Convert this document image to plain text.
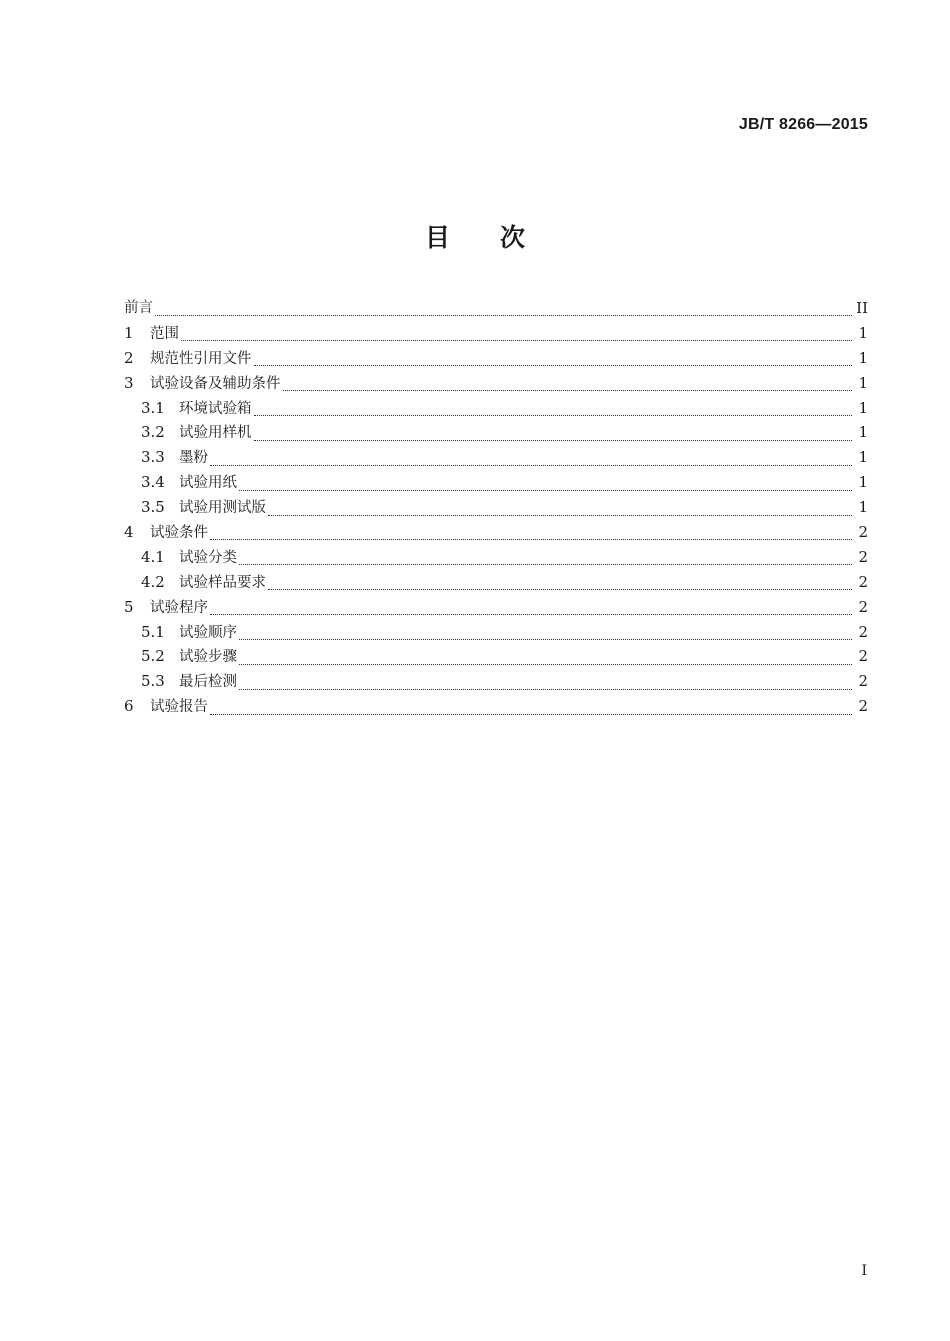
JB/T 8266—2015
目 次
前言	II
1	范围	1
2	规范性引用文件	1
3	试验设备及辅助条件	1
3.1 环境试验箱	1
3.2 试验用样机	1
3.3 墨粉	1
3.4 试验用纸	1
3.5 试验用测试版	1
4	试验条件	2
4.1 试验分类	2
4.2 试验样品要求	2
5	试验程序	2
5.1 试验顺序	2
5.2 试验步骤	2
5.3 最后检测	2
6	试验报告	2
I
